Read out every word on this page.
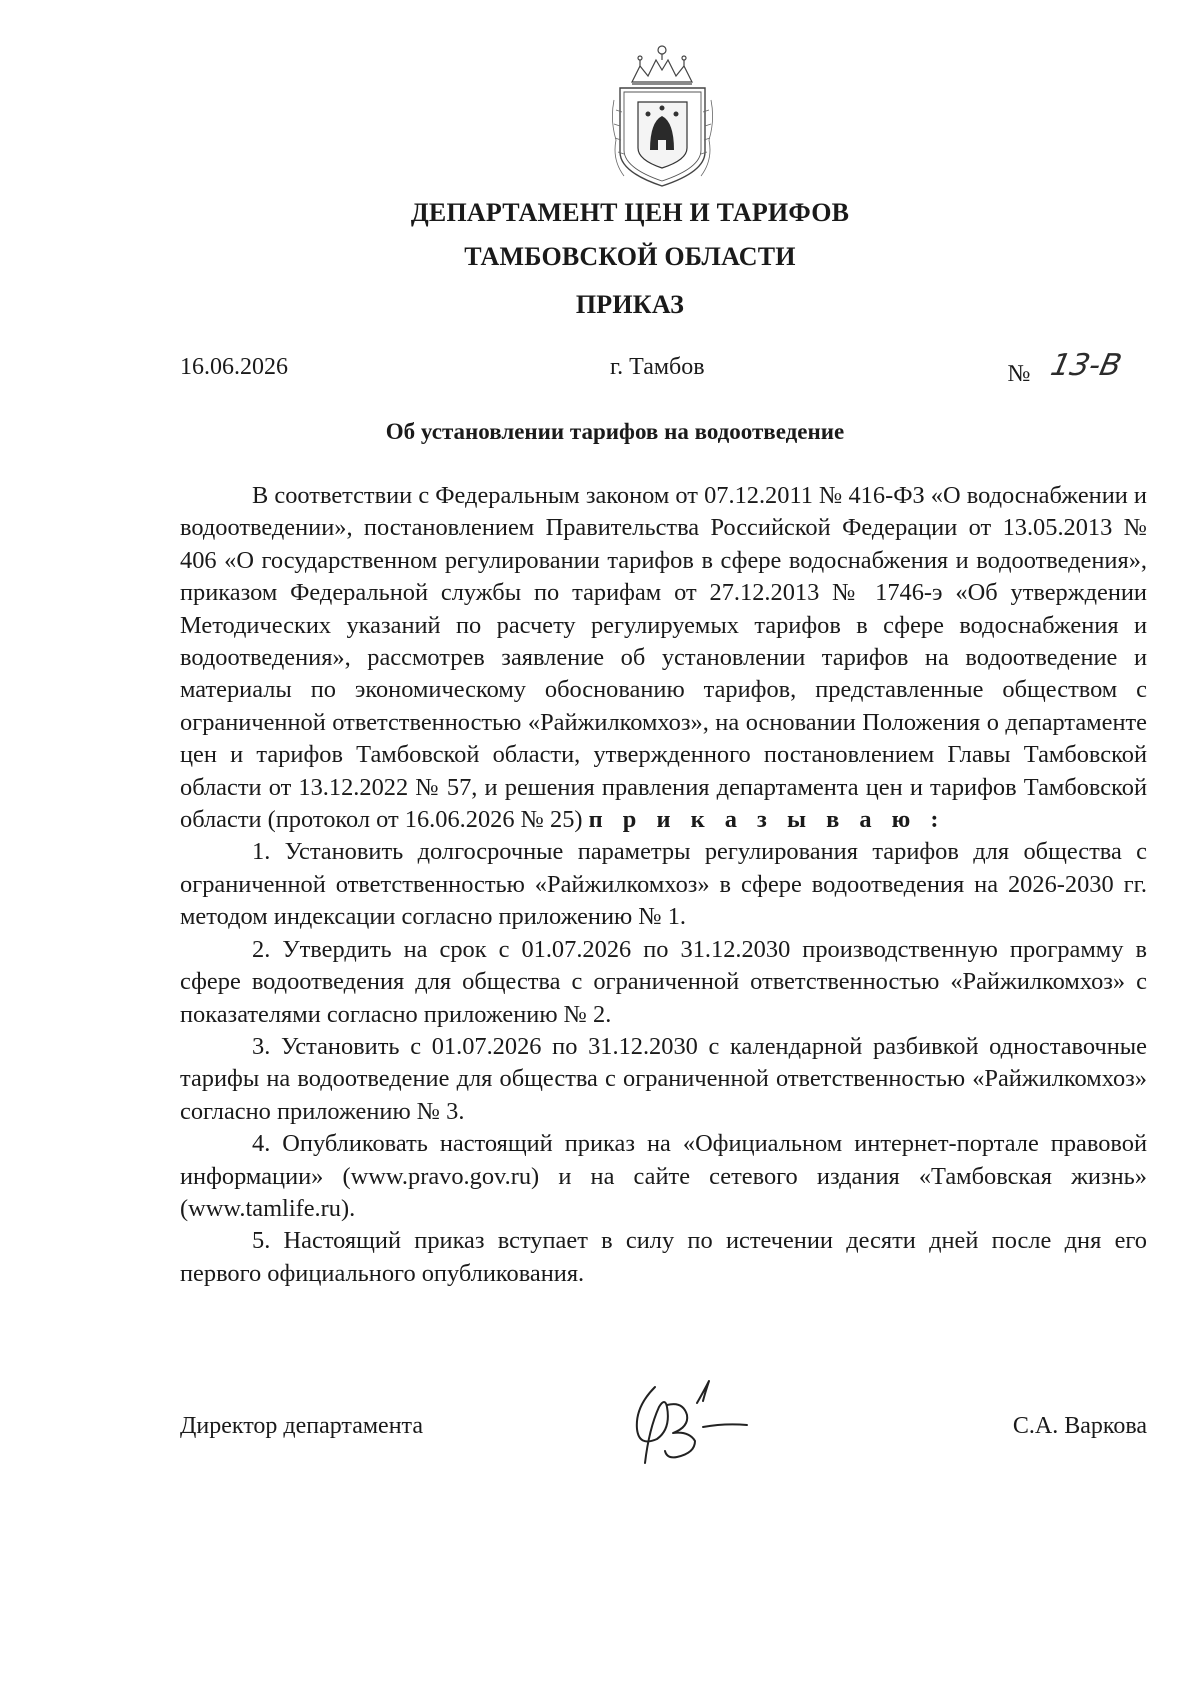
ДЕПАРТАМЕНТ ЦЕН И ТАРИФОВ
ТАМБОВСКОЙ ОБЛАСТИ
ПРИКАЗ
16.06.2026	г. Тамбов	№ 13-В
Об установлении тарифов на водоотведение

В соответствии с Федеральным законом от 07.12.2011 № 416-ФЗ «О водоснабжении и водоотведении», постановлением Правительства Российской Федерации от 13.05.2013 № 406 «О государственном регулировании тарифов в сфере водоснабжения и водоотведения», приказом Федеральной службы по тарифам от 27.12.2013 № 1746-э «Об утверждении Методических указаний по расчету регулируемых тарифов в сфере водоснабжения и водоотведения», рассмотрев заявление об установлении тарифов на водоотведение и материалы по экономическому обоснованию тарифов, представленные обществом с ограниченной ответственностью «Райжилкомхоз», на основании Положения о департаменте цен и тарифов Тамбовской области, утвержденного постановлением Главы Тамбовской области от 13.12.2022 № 57, и решения правления департамента цен и тарифов Тамбовской области (протокол от 16.06.2026 № 25) п р и к а з ы в а ю :

1. Установить долгосрочные параметры регулирования тарифов для общества с ограниченной ответственностью «Райжилкомхоз» в сфере водоотведения на 2026-2030 гг. методом индексации согласно приложению № 1.

2. Утвердить на срок с 01.07.2026 по 31.12.2030 производственную программу в сфере водоотведения для общества с ограниченной ответственностью «Райжилкомхоз» с показателями согласно приложению № 2.

3. Установить с 01.07.2026 по 31.12.2030 с календарной разбивкой одноставочные тарифы на водоотведение для общества с ограниченной ответственностью «Райжилкомхоз» согласно приложению № 3.

4. Опубликовать настоящий приказ на «Официальном интернет-портале правовой информации» (www.pravo.gov.ru) и на сайте сетевого издания «Тамбовская жизнь» (www.tamlife.ru).

5. Настоящий приказ вступает в силу по истечении десяти дней после дня его первого официального опубликования.

Директор департамента	С.А. Варкова
